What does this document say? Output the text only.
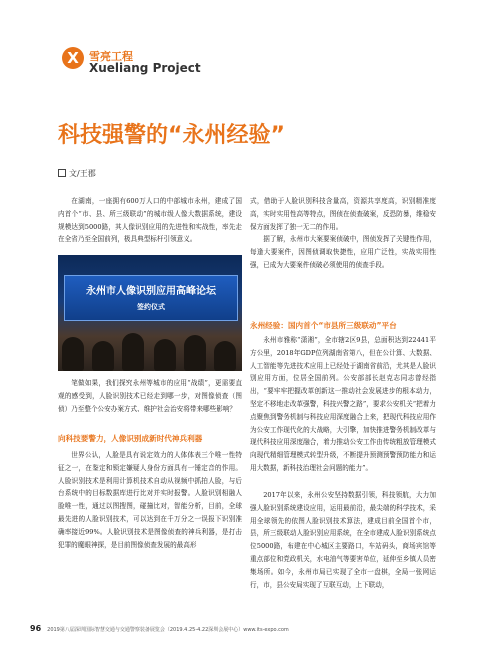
X 雪亮工程
Xueliang Project
科技强警的“永州经验”
文/王郡

在湖南，一座拥有600万人口的中部城市永州，建成了国内首个“市、县、所三级联动”的城市级人像大数据系统，建设规模达到5000路，其人像识别应用的先进性和实战性，率先走在全省乃至全国前列，极具典型标杆引领意义。

永州市人像识别应用高峰论坛
签约仪式

笔做如果，我们探究永州等城市的应用“战绩”，更需要直观的感受到，人脸识别技术已经走到哪一步，对图像侦查（图侦）乃至整个公安办案方式、维护社会治安将带来哪些影响？

向科技要警力，人像识别成新时代神兵利器

世界公认，人脸是具有说定效力的人体体表三个唯一性特征之一，在鉴定和锁定嫌疑人身份方面具有一锤定音的作用。人脸识别技术是利用计算机技术自动从视频中抓拍人脸，与后台系统中的目标数据库进行比对并实时报警。人脸识别相融人脸唯一性，通过以图搜图，碰撞比对，智能分析，目前，全球最先进的人脸识别技术，可以达到在千万分之一误报下识别准确率接近99%。人脸识别技术是图像侦查的神兵利器，是打击犯罪的魔眼神探，是目前图像侦查发展的最高形

式，借助于人脸识别科技含量高，资源共享度高，识别精准度高，实时实用性高等特点，图侦在侦查破案，反恐防暴，维稳安保方面发挥了独一无二的作用。

据了解，永州市大案要案侦破中，图侦发挥了关键性作用，每逢大要案件，因图侦调取快捷性，应用广泛性，实战实用性强，已成为大要案件侦破必须使用的侦查手段。

永州经验：国内首个“市县所三级联动”平台

永州市雅称“潇湘”，全市辖2区9县，总面积达到22441平方公里，2018年GDP位列湖南省第八，但在公计算、大数据、人工智能等先进技术应用上已经处于湖南省前沿，尤其是人脸识别应用方面，位居全国前列。公安部部长赵克志同志曾经指出，“要牢牢把握改革创新这一推动社会发展进步的根本动力，坚定不移地走改革强警，科技兴警之路”，要求公安机关“把着力点聚焦到警务机制与科技应用深度融合上来，把现代科技应用作为公安工作现代化的大战略，大引擎，加快推进警务机制改革与现代科技应用深度融合，着力推动公安工作由传统粗放管理模式向现代精细管理模式转型升级，不断提升预测预警预防能力和运用大数据，新科技治理社会问题的能力”。

2017年以来，永州公安坚持数据引领，科技领航，大力加强人脸识别系统建设应用，运用最前沿，最尖端的科学技术，采用全球领先的依图人脸识别技术算法，建成目前全国首个市，县，所三级联动人脸识别应用系统，在全市建成人脸识别系统点位5000路，布建在中心城区主要路口，车站码头，商场宾馆等重点部位和党政机关，水电油气等要害单位，延伸至乡镇人员密集场所。如今，永州市局已实现了全市一盘棋，全局一张网运行，市，县公安局实现了互联互动，上下联动，

96 2019第八届深圳国际智慧交通与交通警察装备展览会（2019.4.25-4.22深圳会展中心）www.its-expo.com
